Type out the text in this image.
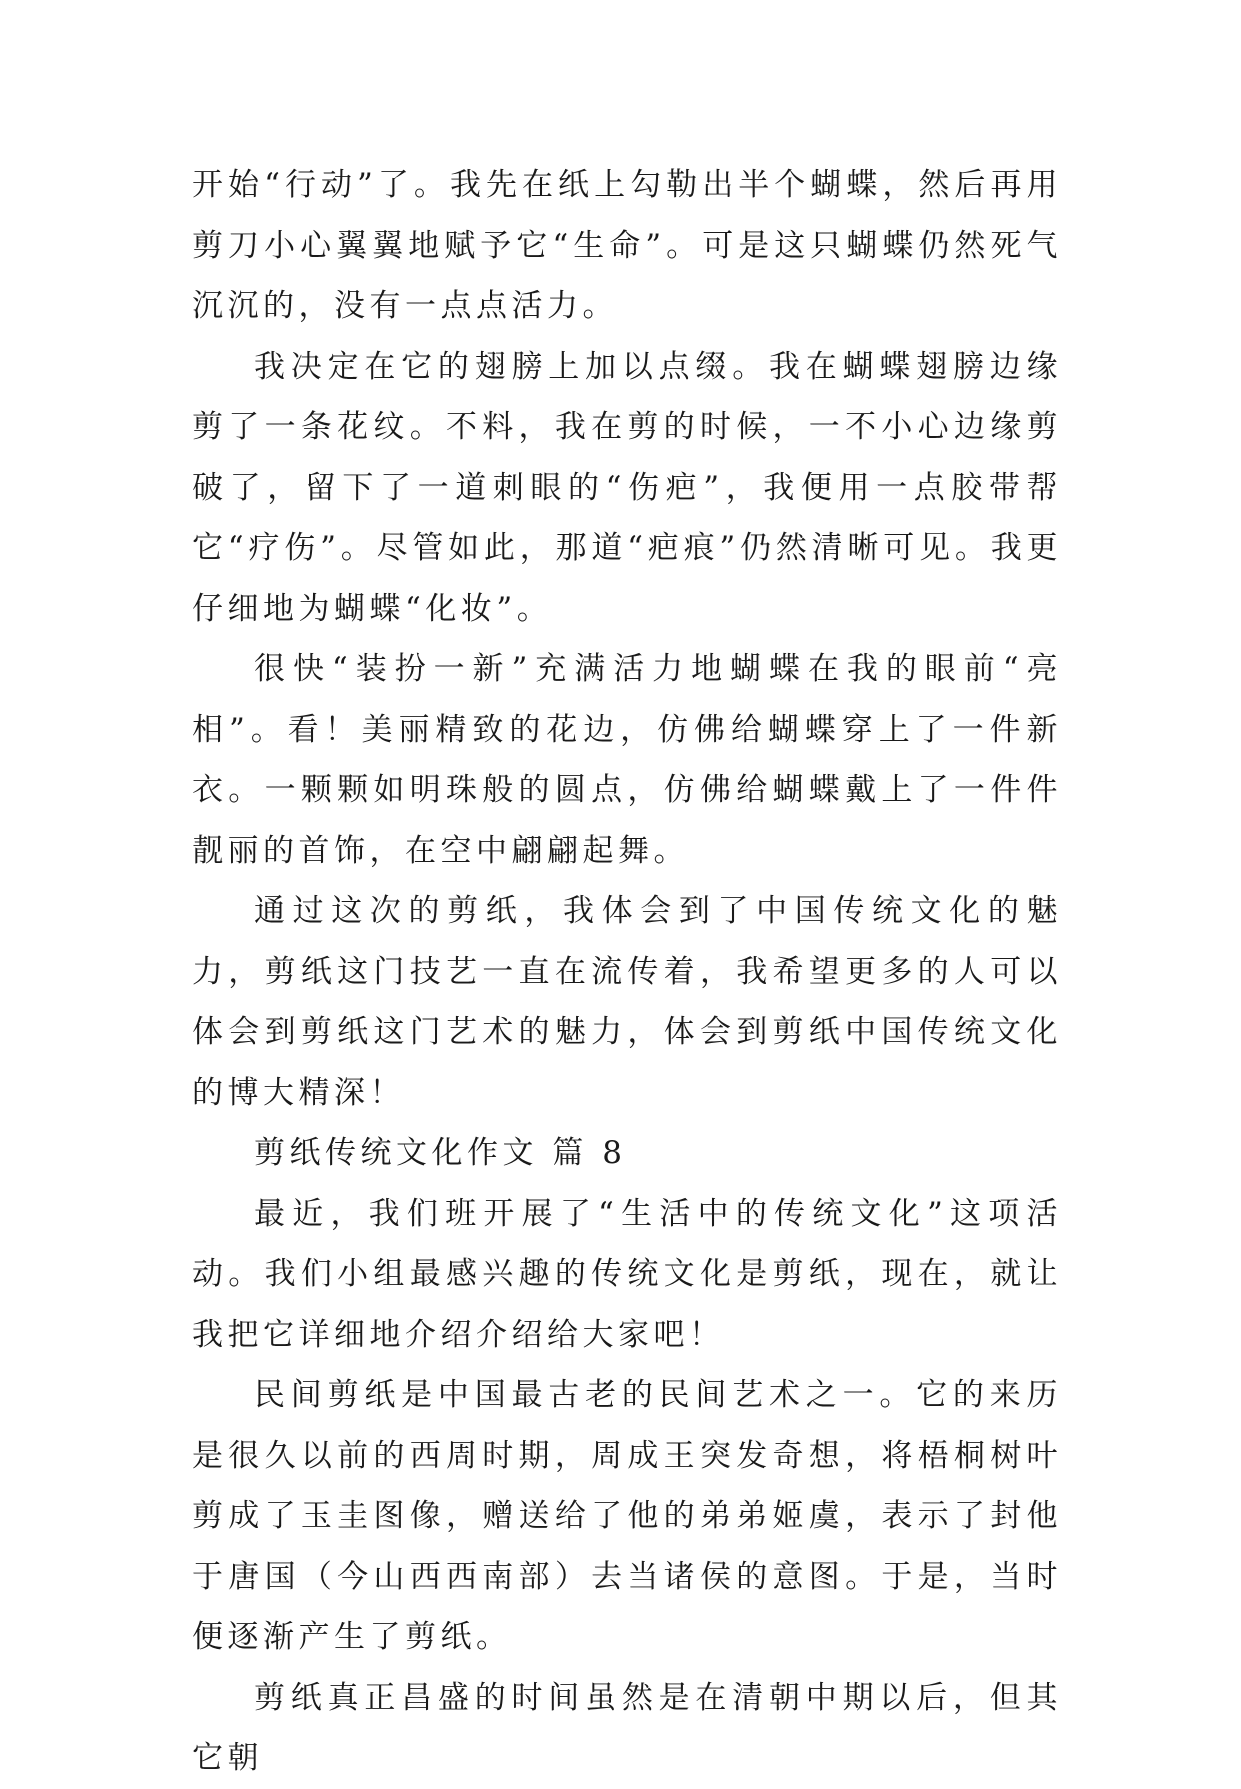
开始“行动”了。我先在纸上勾勒出半个蝴蝶，然后再用剪刀小心翼翼地赋予它“生命”。可是这只蝴蝶仍然死气沉沉的，没有一点点活力。

我决定在它的翅膀上加以点缀。我在蝴蝶翅膀边缘剪了一条花纹。不料，我在剪的时候，一不小心边缘剪破了，留下了一道刺眼的“伤疤”，我便用一点胶带帮它“疗伤”。尽管如此，那道“疤痕”仍然清晰可见。我更仔细地为蝴蝶“化妆”。

很快“装扮一新”充满活力地蝴蝶在我的眼前“亮相”。看！美丽精致的花边，仿佛给蝴蝶穿上了一件新衣。一颗颗如明珠般的圆点，仿佛给蝴蝶戴上了一件件靓丽的首饰，在空中翩翩起舞。

通过这次的剪纸，我体会到了中国传统文化的魅力，剪纸这门技艺一直在流传着，我希望更多的人可以体会到剪纸这门艺术的魅力，体会到剪纸中国传统文化的博大精深！

剪纸传统文化作文 篇 8

最近，我们班开展了“生活中的传统文化”这项活动。我们小组最感兴趣的传统文化是剪纸，现在，就让我把它详细地介绍介绍给大家吧！

民间剪纸是中国最古老的民间艺术之一。它的来历是很久以前的西周时期，周成王突发奇想，将梧桐树叶剪成了玉圭图像，赠送给了他的弟弟姬虞，表示了封他于唐国（今山西西南部）去当诸侯的意图。于是，当时便逐渐产生了剪纸。

剪纸真正昌盛的时间虽然是在清朝中期以后，但其它朝
